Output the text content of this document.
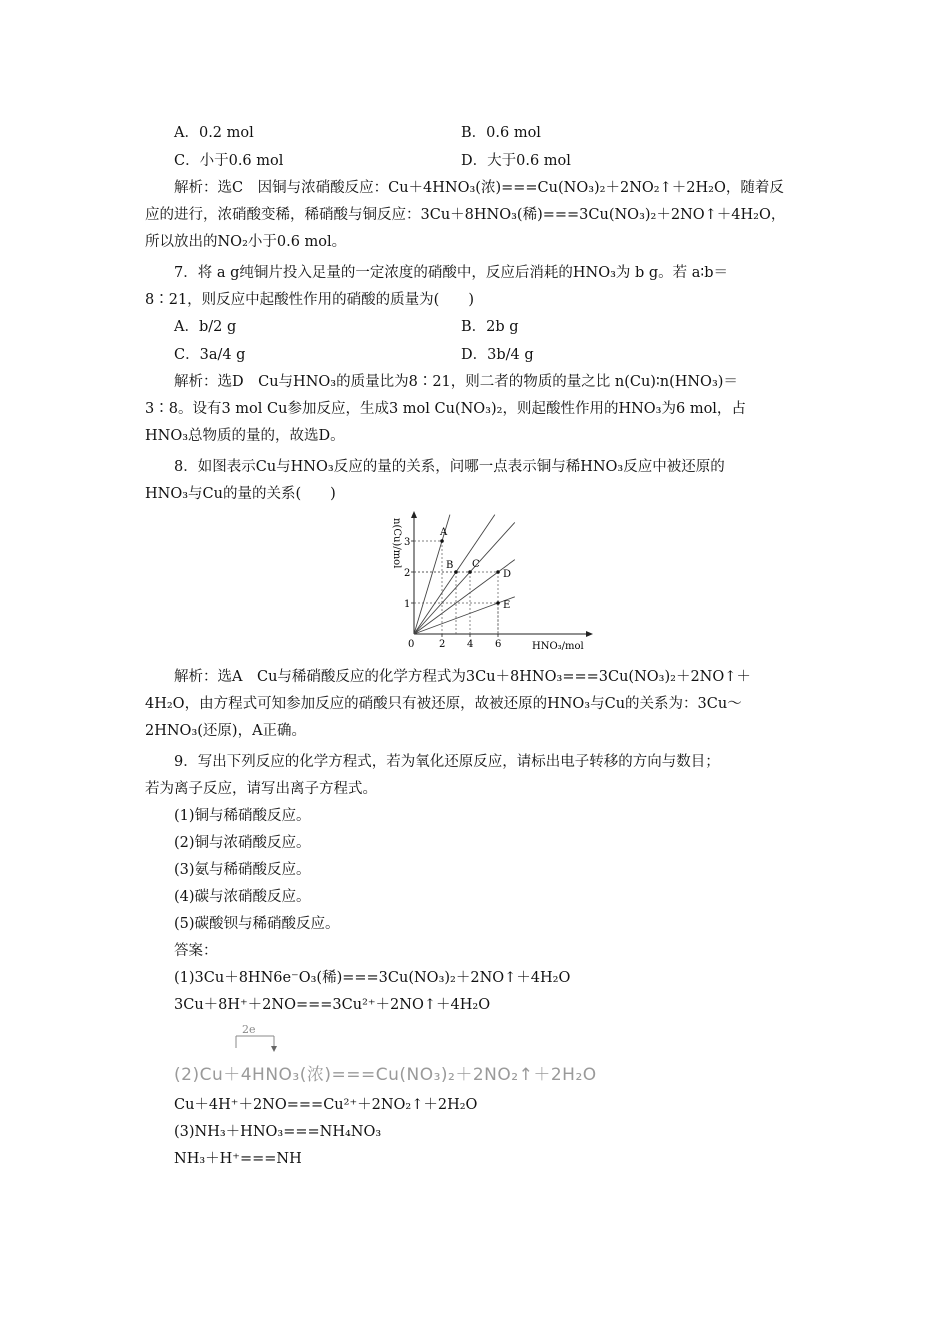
A．0.2 mol	B．0.6 mol
C．小于0.6 mol	D．大于0.6 mol
解析：选C　因铜与浓硝酸反应：Cu＋4HNO₃(浓)===Cu(NO₃)₂＋2NO₂↑＋2H₂O，随着反
应的进行，浓硝酸变稀，稀硝酸与铜反应：3Cu＋8HNO₃(稀)===3Cu(NO₃)₂＋2NO↑＋4H₂O，
所以放出的NO₂小于0.6 mol。
7．将 a g纯铜片投入足量的一定浓度的硝酸中，反应后消耗的HNO₃为 b g。若 a∶b＝
8∶21，则反应中起酸性作用的硝酸的质量为(　　)
A．b/2 g	B．2b g
C．3a/4 g	D．3b/4 g
解析：选D　Cu与HNO₃的质量比为8∶21，则二者的物质的量之比 n(Cu)∶n(HNO₃)＝
3∶8。设有3 mol Cu参加反应，生成3 mol Cu(NO₃)₂，则起酸性作用的HNO₃为6 mol，占
HNO₃总物质的量的，故选D。
8．如图表示Cu与HNO₃反应的量的关系，问哪一点表示铜与稀HNO₃反应中被还原的
HNO₃与Cu的量的关系(　　)
n(Cu)/mol
HNO₃/mol
0
A
B C
D
E
1
2
3
2 4 6
解析：选A　Cu与稀硝酸反应的化学方程式为3Cu＋8HNO₃===3Cu(NO₃)₂＋2NO↑＋
4H₂O，由方程式可知参加反应的硝酸只有被还原，故被还原的HNO₃与Cu的关系为：3Cu～
2HNO₃(还原)，A正确。
9．写出下列反应的化学方程式，若为氧化还原反应，请标出电子转移的方向与数目；
若为离子反应，请写出离子方程式。
(1)铜与稀硝酸反应。
(2)铜与浓硝酸反应。
(3)氨与稀硝酸反应。
(4)碳与浓硝酸反应。
(5)碳酸钡与稀硝酸反应。
答案：
(1)3Cu＋8HN6e⁻O₃(稀)===3Cu(NO₃)₂＋2NO↑＋4H₂O
3Cu＋8H⁺＋2NO===3Cu²⁺＋2NO↑＋4H₂O
2e
(2)Cu＋4HNO₃(浓)===Cu(NO₃)₂＋2NO₂↑＋2H₂O
Cu＋4H⁺＋2NO===Cu²⁺＋2NO₂↑＋2H₂O
(3)NH₃＋HNO₃===NH₄NO₃
NH₃＋H⁺===NH
